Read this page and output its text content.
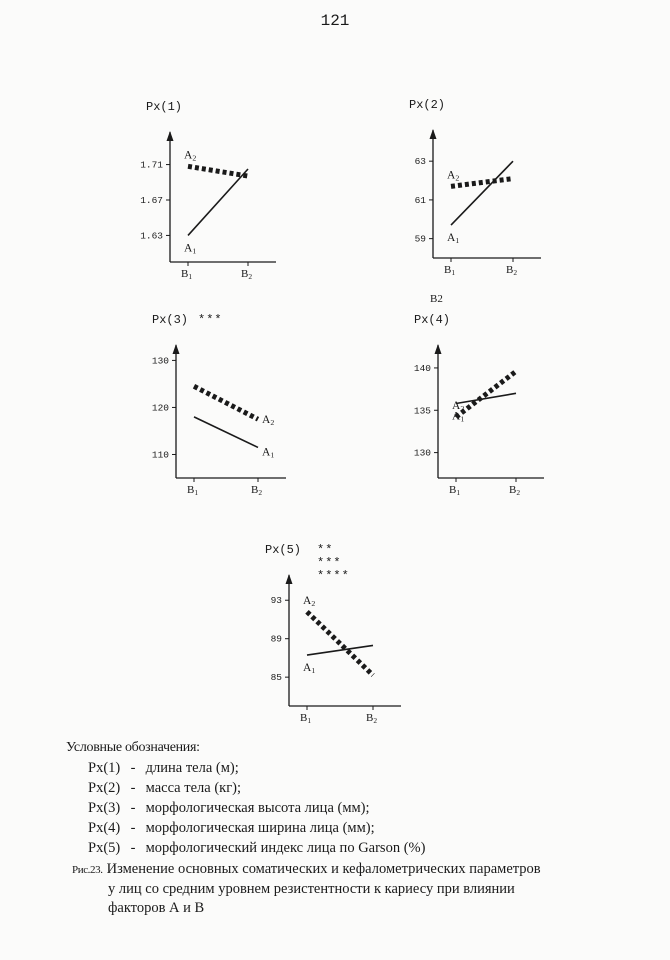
121
Px(1)
1.63
1.67
1.71
B1	B2
A1
A2
Px(2)
59
61
63
B1	B2
A1
A2
Px(3) ***
110
120
130
B1	B2
A1
A2
Px(4)
130
135
140
B1	B2
A1
A2
Px(5) **
***
****
85
89
93
B1	B2
A1
A2
B2
Условные обозначения:
Px(1) - длина тела (м);
Px(2) - масса тела (кг);
Px(3) - морфологическая высота лица (мм);
Px(4) - морфологическая ширина лица (мм);
Px(5) - морфологический индекс лица по Garson (%)
Рис.23. Изменение основных соматических и кефалометрических параметров
у лиц со средним уровнем резистентности к кариесу при влиянии
факторов А и В
